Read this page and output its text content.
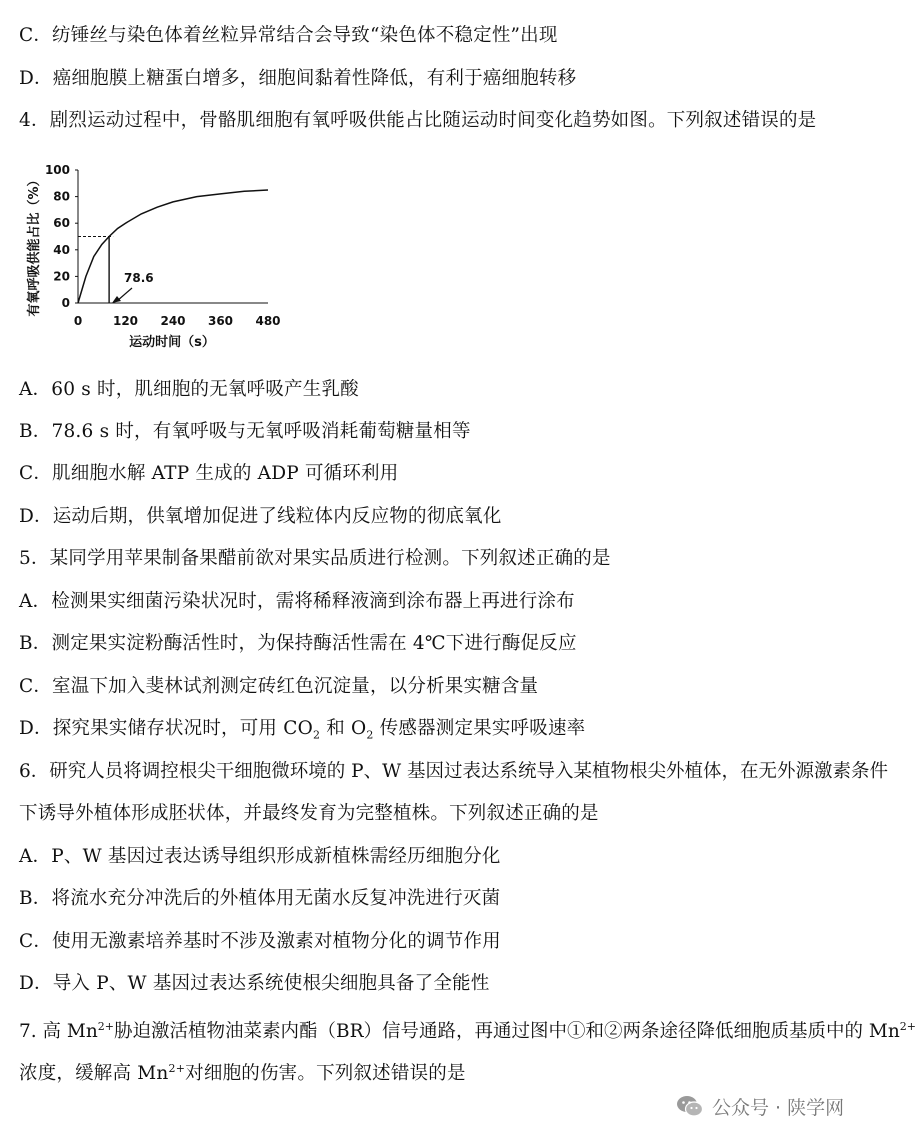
C．纺锤丝与染色体着丝粒异常结合会导致“染色体不稳定性”出现
D．癌细胞膜上糖蛋白增多，细胞间黏着性降低，有利于癌细胞转移
4．剧烈运动过程中，骨骼肌细胞有氧呼吸供能占比随运动时间变化趋势如图。下列叙述错误的是
有氧呼吸供能占比（%） 0
20
40
60
80
100
0	120 240 360 480
78.6
运动时间（s）
A．60 s 时，肌细胞的无氧呼吸产生乳酸
B．78.6 s 时，有氧呼吸与无氧呼吸消耗葡萄糖量相等
C．肌细胞水解 ATP 生成的 ADP 可循环利用
D．运动后期，供氧增加促进了线粒体内反应物的彻底氧化
5．某同学用苹果制备果醋前欲对果实品质进行检测。下列叙述正确的是
A．检测果实细菌污染状况时，需将稀释液滴到涂布器上再进行涂布
B．测定果实淀粉酶活性时，为保持酶活性需在 4℃下进行酶促反应
C．室温下加入斐林试剂测定砖红色沉淀量，以分析果实糖含量
D．探究果实储存状况时，可用 $CO_2$ 和 $O_2$ 传感器测定果实呼吸速率
6．研究人员将调控根尖干细胞微环境的 P、W 基因过表达系统导入某植物根尖外植体，在无外源激素条件
下诱导外植体形成胚状体，并最终发育为完整植株。下列叙述正确的是
A．P、W 基因过表达诱导组织形成新植株需经历细胞分化
B．将流水充分冲洗后的外植体用无菌水反复冲洗进行灭菌
C．使用无激素培养基时不涉及激素对植物分化的调节作用
D．导入 P、W 基因过表达系统使根尖细胞具备了全能性
7. 高 $Mn^{2+}$胁迫激活植物油菜素内酯（BR）信号通路，再通过图中①和②两条途径降低细胞质基质中的 $Mn^{2+}$
浓度，缓解高 $Mn^{2+}$对细胞的伤害。下列叙述错误的是
公众号 · 陕学网
